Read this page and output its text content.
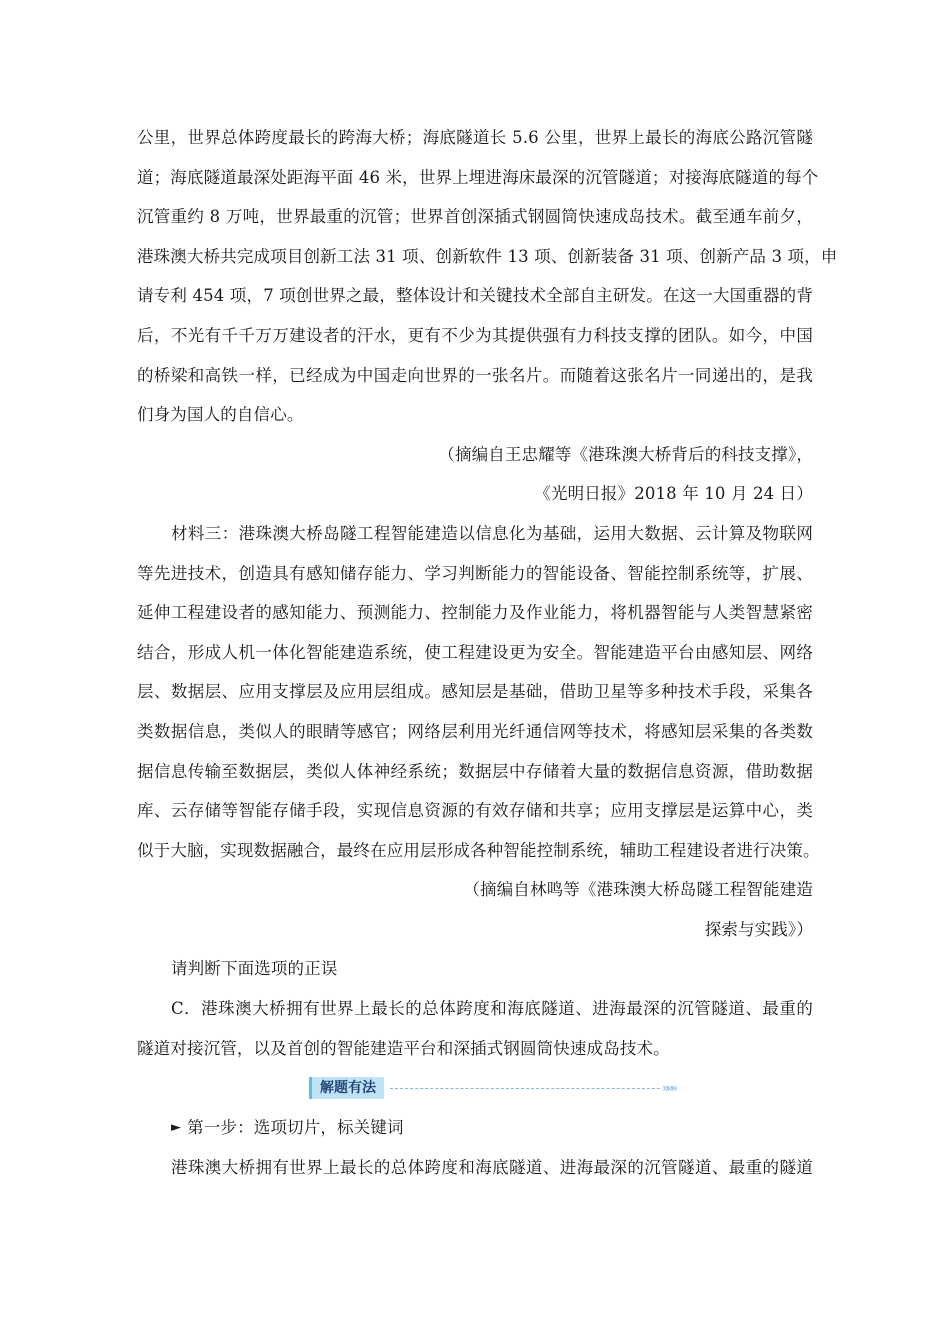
公里，世界总体跨度最长的跨海大桥；海底隧道长 5.6 公里，世界上最长的海底公路沉管隧
道；海底隧道最深处距海平面 46 米，世界上埋进海床最深的沉管隧道；对接海底隧道的每个
沉管重约 8 万吨，世界最重的沉管；世界首创深插式钢圆筒快速成岛技术。截至通车前夕，
港珠澳大桥共完成项目创新工法 31 项、创新软件 13 项、创新装备 31 项、创新产品 3 项，申
请专利 454 项，7 项创世界之最，整体设计和关键技术全部自主研发。在这一大国重器的背
后，不光有千千万万建设者的汗水，更有不少为其提供强有力科技支撑的团队。如今，中国
的桥梁和高铁一样，已经成为中国走向世界的一张名片。而随着这张名片一同递出的，是我
们身为国人的自信心。
（摘编自王忠耀等《港珠澳大桥背后的科技支撑》，
《光明日报》2018 年 10 月 24 日）
材料三：港珠澳大桥岛隧工程智能建造以信息化为基础，运用大数据、云计算及物联网
等先进技术，创造具有感知储存能力、学习判断能力的智能设备、智能控制系统等，扩展、
延伸工程建设者的感知能力、预测能力、控制能力及作业能力，将机器智能与人类智慧紧密
结合，形成人机一体化智能建造系统，使工程建设更为安全。智能建造平台由感知层、网络
层、数据层、应用支撑层及应用层组成。感知层是基础，借助卫星等多种技术手段，采集各
类数据信息，类似人的眼睛等感官；网络层利用光纤通信网等技术，将感知层采集的各类数
据信息传输至数据层，类似人体神经系统；数据层中存储着大量的数据信息资源，借助数据
库、云存储等智能存储手段，实现信息资源的有效存储和共享；应用支撑层是运算中心，类
似于大脑，实现数据融合，最终在应用层形成各种智能控制系统，辅助工程建设者进行决策。
（摘编自林鸣等《港珠澳大桥岛隧工程智能建造
探索与实践》）
请判断下面选项的正误
C．港珠澳大桥拥有世界上最长的总体跨度和海底隧道、进海最深的沉管隧道、最重的
隧道对接沉管，以及首创的智能建造平台和深插式钢圆筒快速成岛技术。
解题有法	»»»
► 第一步：选项切片，标关键词
港珠澳大桥拥有世界上最长的总体跨度和海底隧道、进海最深的沉管隧道、最重的隧道
